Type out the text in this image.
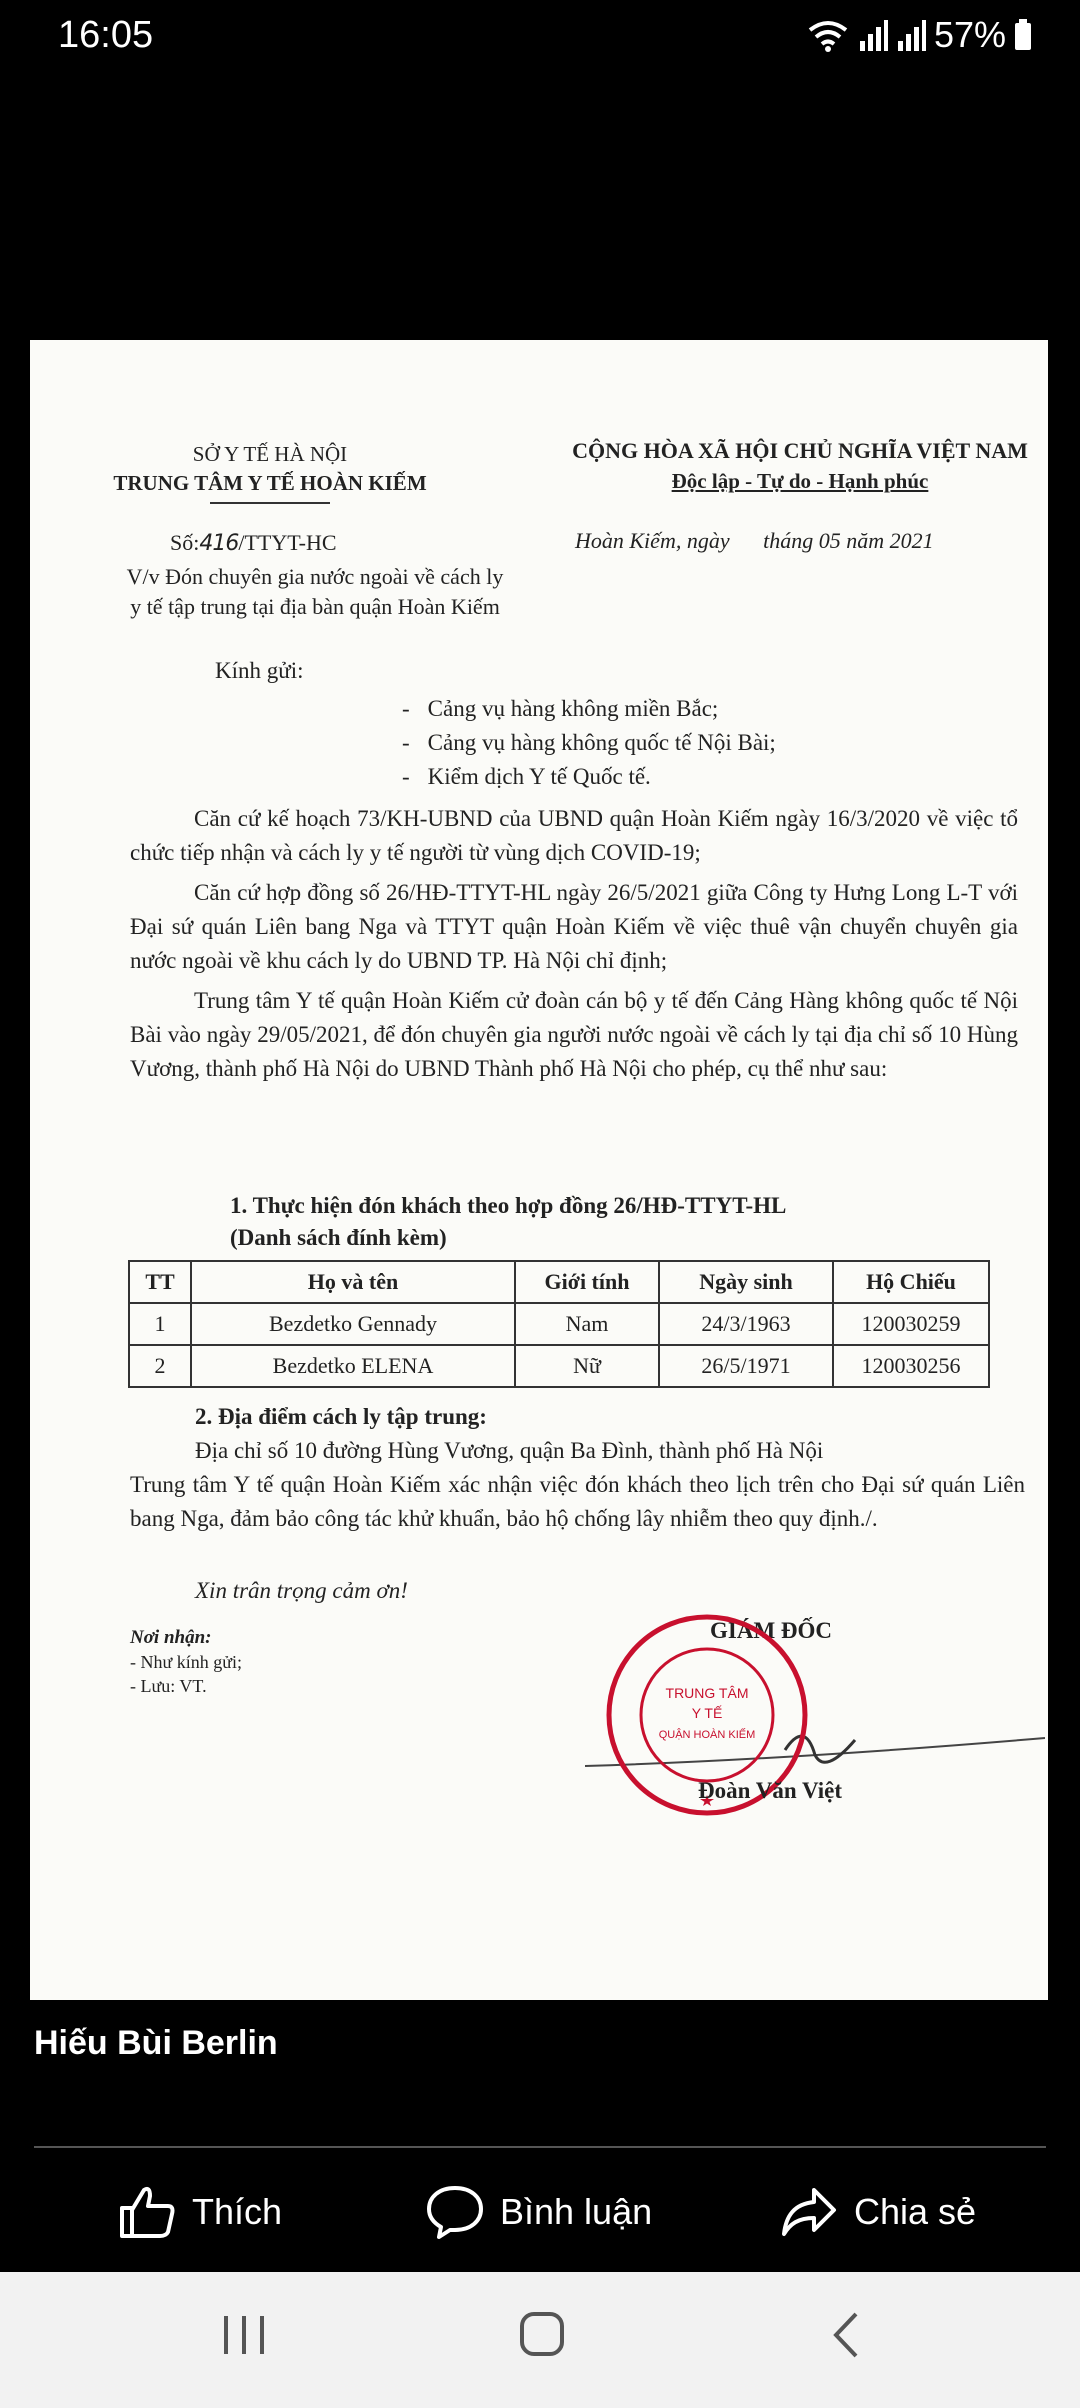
16:05	57%
SỞ Y TẾ HÀ NỘI
TRUNG TÂM Y TẾ HOÀN KIẾM
CỘNG HÒA XÃ HỘI CHỦ NGHĨA VIỆT NAM
Độc lập - Tự do - Hạnh phúc
Số:416/TTYT-HC	Hoàn Kiếm, ngày tháng 05 năm 2021
V/v Đón chuyên gia nước ngoài về cách ly
y tế tập trung tại địa bàn quận Hoàn Kiếm
Kính gửi:
- Cảng vụ hàng không miền Bắc;
- Cảng vụ hàng không quốc tế Nội Bài;
- Kiểm dịch Y tế Quốc tế.

Căn cứ kế hoạch 73/KH-UBND của UBND quận Hoàn Kiếm ngày 16/3/2020 về việc tổ chức tiếp nhận và cách ly y tế người từ vùng dịch COVID-19;

Căn cứ hợp đồng số 26/HĐ-TTYT-HL ngày 26/5/2021 giữa Công ty Hưng Long L-T với Đại sứ quán Liên bang Nga và TTYT quận Hoàn Kiếm về việc thuê vận chuyển chuyên gia nước ngoài về khu cách ly do UBND TP. Hà Nội chỉ định;

Trung tâm Y tế quận Hoàn Kiếm cử đoàn cán bộ y tế đến Cảng Hàng không quốc tế Nội Bài vào ngày 29/05/2021, để đón chuyên gia người nước ngoài về cách ly tại địa chỉ số 10 Hùng Vương, thành phố Hà Nội do UBND Thành phố Hà Nội cho phép, cụ thể như sau:

1. Thực hiện đón khách theo hợp đồng 26/HĐ-TTYT-HL
(Danh sách đính kèm)
TT	Họ và tên	Giới tính	Ngày sinh	Hộ Chiếu
1	Bezdetko Gennady	Nam	24/3/1963	120030259
2	Bezdetko ELENA	Nữ	26/5/1971	120030256
2. Địa điểm cách ly tập trung:

Địa chỉ số 10 đường Hùng Vương, quận Ba Đình, thành phố Hà Nội

Trung tâm Y tế quận Hoàn Kiếm xác nhận việc đón khách theo lịch trên cho Đại sứ quán Liên bang Nga, đảm bảo công tác khử khuẩn, bảo hộ chống lây nhiễm theo quy định./.

Xin trân trọng cảm ơn!
Nơi nhận:
- Như kính gửi;
- Lưu: VT.
GIÁM ĐỐC
TRUNG TÂM
Y TẾ
QUẬN HOÀN KIẾM
Đoàn Văn Việt
Hiếu Bùi Berlin
Thích	Bình luận	Chia sẻ
